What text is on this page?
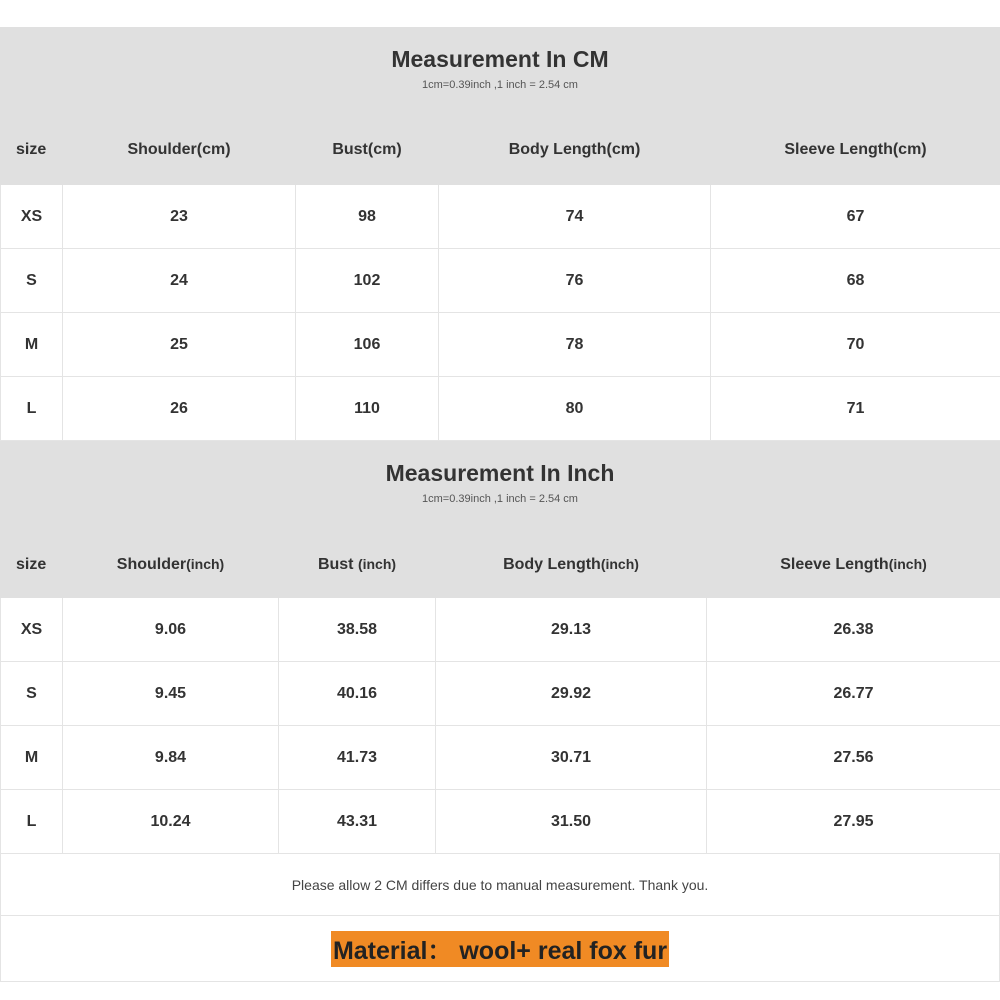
Measurement In CM
1cm=0.39inch ,1 inch = 2.54 cm
size	Shoulder(cm)	Bust(cm)	Body Length(cm)	Sleeve Length(cm)
XS	23	98	74	67
S	24	102	76	68
M	25	106	78	70
L	26	110	80	71
Measurement In Inch
1cm=0.39inch ,1 inch = 2.54 cm
size	Shoulder(inch)	Bust (inch)	Body Length(inch)	Sleeve Length(inch)
XS	9.06	38.58	29.13	26.38
S	9.45	40.16	29.92	26.77
M	9.84	41.73	30.71	27.56
L	10.24	43.31	31.50	27.95
Please allow 2 CM differs due to manual measurement. Thank you.
Material： wool+ real fox fur
